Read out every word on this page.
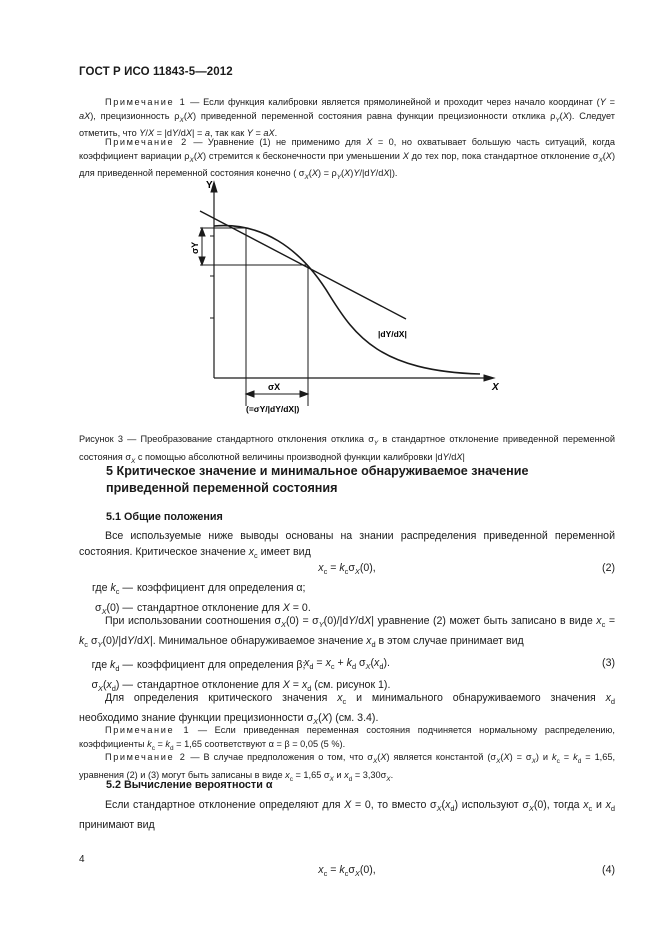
ГОСТ Р ИСО 11843-5—2012

Примечание 1 — Если функция калибровки является прямолинейной и проходит через начало координат (Y = aX), прецизионность $\rho_X(X)$ приведенной переменной состояния равна функции прецизионности отклика $\rho_Y(X)$. Следует отметить, что Y/X = |dY/dX| = a, так как Y = aX.

Примечание 2 — Уравнение (1) не применимо для X = 0, но охватывает большую часть ситуаций, когда коэффициент вариации $\rho_X(X)$ стремится к бесконечности при уменьшении X до тех пор, пока стандартное отклонение $\sigma_X(X)$ для приведенной переменной состояния конечно ( $\sigma_X(X) = \rho_Y(X)Y/|dY/dX|$).

Y
X
σY
σX
(=σY/|dY/dX|)
|dY/dX|

Рисунок 3 — Преобразование стандартного отклонения отклика $\sigma_Y$ в стандартное отклонение приведенной переменной состояния $\sigma_X$ с помощью абсолютной величины производной функции калибровки |dY/dX|

5 Критическое значение и минимальное обнаруживаемое значение приведенной переменной состояния
5.1 Общие положения

Все используемые ниже выводы основаны на знании распределения приведенной переменной состояния. Критическое значение $x_c$ имеет вид

$x_c = k_c\sigma_X(0)$,	(2)
где $k_c$ — коэффициент для определения α;
$\sigma_X(0)$ — стандартное отклонение для X = 0.

При использовании соотношения $\sigma_X(0) = \sigma_Y(0)/|dY/dX|$ уравнение (2) может быть записано в виде $x_c = k_c$ $\sigma_Y(0)/|dY/dX|$. Минимальное обнаруживаемое значение $x_d$ в этом случае принимает вид

$x_d = x_c + k_d$ $\sigma_X(x_d)$.	(3)
где $k_d$ — коэффициент для определения β;
$\sigma_X(x_d)$ — стандартное отклонение для $X = x_d$ (см. рисунок 1).

Для определения критического значения $x_c$ и минимального обнаруживаемого значения $x_d$ необходимо знание функции прецизионности $\sigma_X(X)$ (см. 3.4).

Примечание 1 — Если приведенная переменная состояния подчиняется нормальному распределению, коэффициенты $k_c = k_d = 1,65$ соответствуют α = β = 0,05 (5 %).

Примечание 2 — В случае предположения о том, что $\sigma_X(X)$ является константой $(\sigma_X(X) = \sigma_X)$ и $k_c = k_d = 1,65$, уравнения (2) и (3) могут быть записаны в виде $x_c = 1,65$ $\sigma_X$ и $x_d = 3,30\sigma_X$.

5.2 Вычисление вероятности α

Если стандартное отклонение определяют для X = 0, то вместо $\sigma_X(x_d)$ используют $\sigma_X(0)$, тогда $x_c$ и $x_d$ принимают вид

$x_c = k_c\sigma_X(0)$,	(4)
4
